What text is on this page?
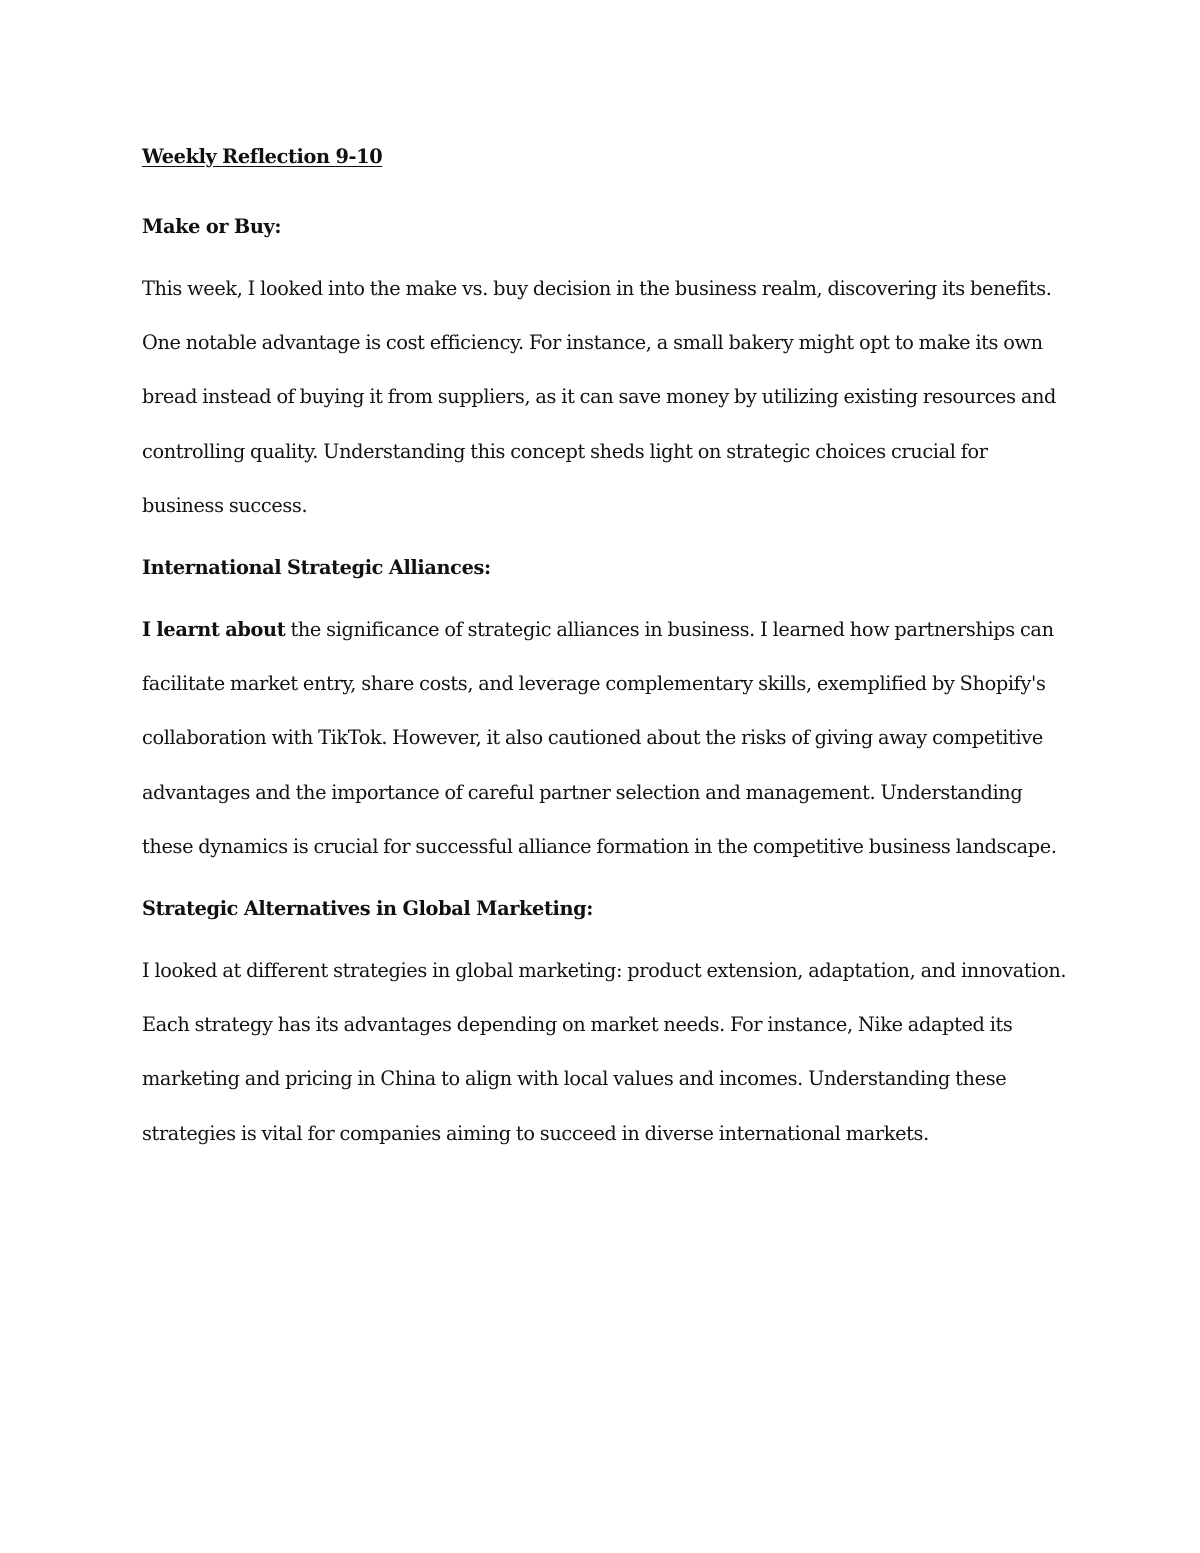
Weekly Reflection 9-10
Make or Buy:

This week, I looked into the make vs. buy decision in the business realm, discovering its benefits. One notable advantage is cost efficiency. For instance, a small bakery might opt to make its own bread instead of buying it from suppliers, as it can save money by utilizing existing resources and controlling quality. Understanding this concept sheds light on strategic choices crucial for business success.

International Strategic Alliances:

I learnt about the significance of strategic alliances in business. I learned how partnerships can facilitate market entry, share costs, and leverage complementary skills, exemplified by Shopify's collaboration with TikTok. However, it also cautioned about the risks of giving away competitive advantages and the importance of careful partner selection and management. Understanding these dynamics is crucial for successful alliance formation in the competitive business landscape.

Strategic Alternatives in Global Marketing:

I looked at different strategies in global marketing: product extension, adaptation, and innovation. Each strategy has its advantages depending on market needs. For instance, Nike adapted its marketing and pricing in China to align with local values and incomes. Understanding these strategies is vital for companies aiming to succeed in diverse international markets.
